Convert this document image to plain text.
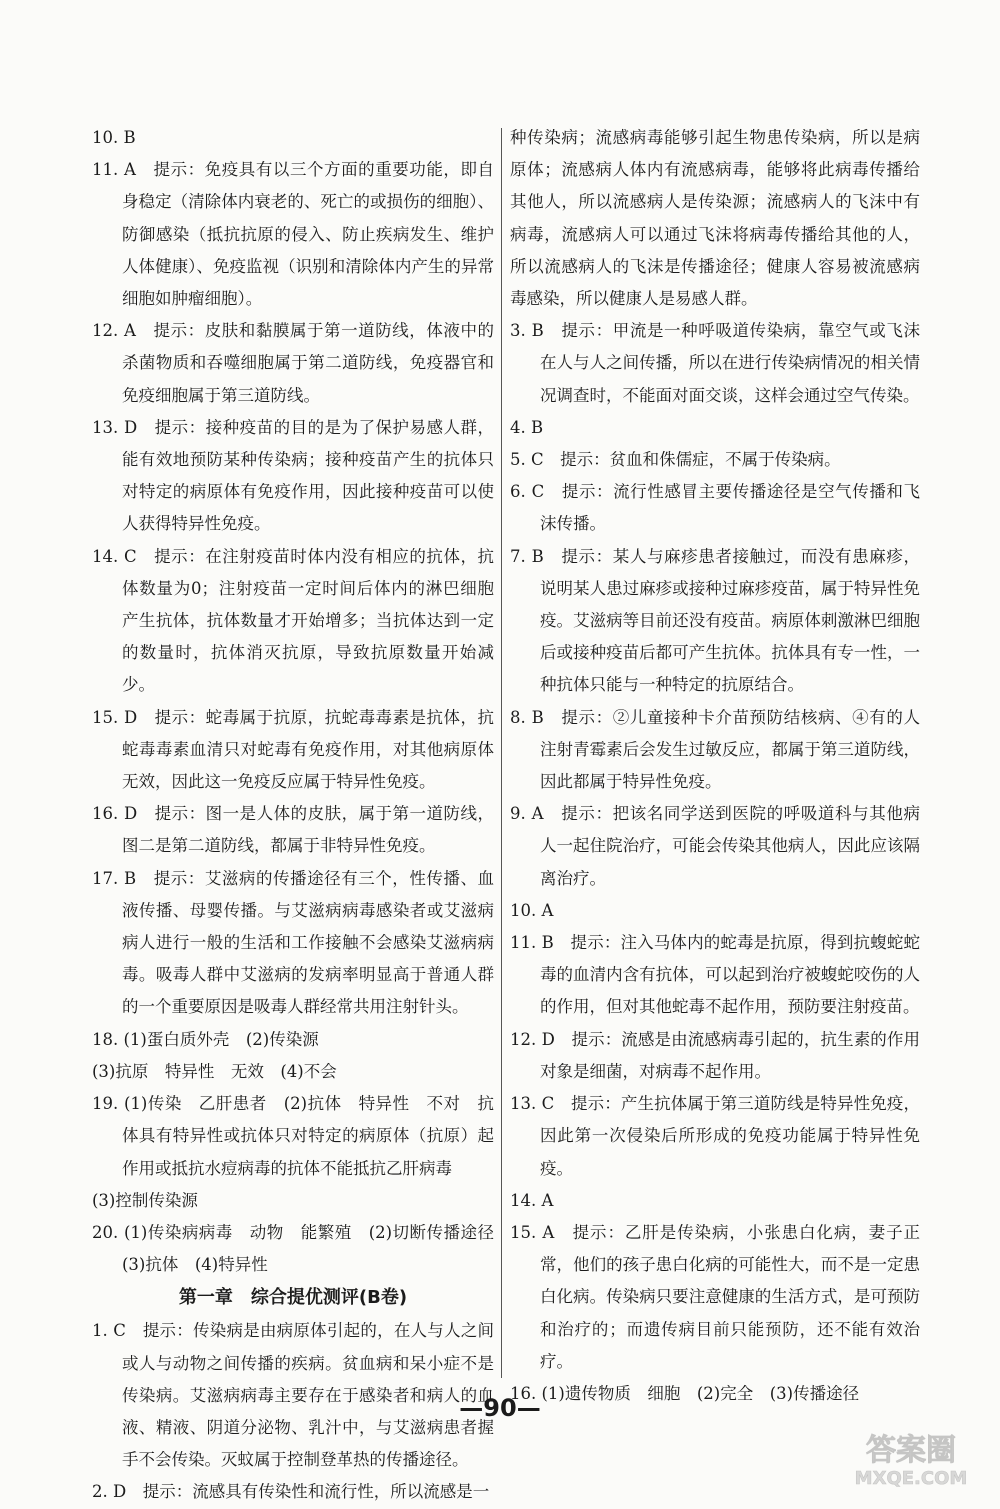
10. B

11. A　提示：免疫具有以三个方面的重要功能，即自身稳定（清除体内衰老的、死亡的或损伤的细胞）、防御感染（抵抗抗原的侵入、防止疾病发生、维护人体健康）、免疫监视（识别和清除体内产生的异常细胞如肿瘤细胞）。

12. A　提示：皮肤和黏膜属于第一道防线，体液中的杀菌物质和吞噬细胞属于第二道防线，免疫器官和免疫细胞属于第三道防线。

13. D　提示：接种疫苗的目的是为了保护易感人群，能有效地预防某种传染病；接种疫苗产生的抗体只对特定的病原体有免疫作用，因此接种疫苗可以使人获得特异性免疫。

14. C　提示：在注射疫苗时体内没有相应的抗体，抗体数量为0；注射疫苗一定时间后体内的淋巴细胞产生抗体，抗体数量才开始增多；当抗体达到一定的数量时，抗体消灭抗原，导致抗原数量开始减少。

15. D　提示：蛇毒属于抗原，抗蛇毒毒素是抗体，抗蛇毒毒素血清只对蛇毒有免疫作用，对其他病原体无效，因此这一免疫反应属于特异性免疫。

16. D　提示：图一是人体的皮肤，属于第一道防线，图二是第二道防线，都属于非特异性免疫。

17. B　提示：艾滋病的传播途径有三个，性传播、血液传播、母婴传播。与艾滋病病毒感染者或艾滋病病人进行一般的生活和工作接触不会感染艾滋病病毒。吸毒人群中艾滋病的发病率明显高于普通人群的一个重要原因是吸毒人群经常共用注射针头。

18. (1)蛋白质外壳　(2)传染源

(3)抗原　特异性　无效　(4)不会

19. (1)传染　乙肝患者　(2)抗体　特异性　不对　抗体具有特异性或抗体只对特定的病原体（抗原）起作用或抵抗水痘病毒的抗体不能抵抗乙肝病毒

(3)控制传染源

20. (1)传染病病毒　动物　能繁殖　(2)切断传播途径　(3)抗体　(4)特异性

第一章　综合提优测评(B卷)

1. C　提示：传染病是由病原体引起的，在人与人之间或人与动物之间传播的疾病。贫血病和呆小症不是传染病。艾滋病病毒主要存在于感染者和病人的血液、精液、阴道分泌物、乳汁中，与艾滋病患者握手不会传染。灭蚊属于控制登革热的传播途径。

2. D　提示：流感具有传染性和流行性，所以流感是一

种传染病；流感病毒能够引起生物患传染病，所以是病原体；流感病人体内有流感病毒，能够将此病毒传播给其他人，所以流感病人是传染源；流感病人的飞沫中有病毒，流感病人可以通过飞沫将病毒传播给其他的人，所以流感病人的飞沫是传播途径；健康人容易被流感病毒感染，所以健康人是易感人群。

3. B　提示：甲流是一种呼吸道传染病，靠空气或飞沫在人与人之间传播，所以在进行传染病情况的相关情况调查时，不能面对面交谈，这样会通过空气传染。

4. B

5. C　提示：贫血和侏儒症，不属于传染病。

6. C　提示：流行性感冒主要传播途径是空气传播和飞沫传播。

7. B　提示：某人与麻疹患者接触过，而没有患麻疹，说明某人患过麻疹或接种过麻疹疫苗，属于特异性免疫。艾滋病等目前还没有疫苗。病原体刺激淋巴细胞后或接种疫苗后都可产生抗体。抗体具有专一性，一种抗体只能与一种特定的抗原结合。

8. B　提示：②儿童接种卡介苗预防结核病、④有的人注射青霉素后会发生过敏反应，都属于第三道防线，因此都属于特异性免疫。

9. A　提示：把该名同学送到医院的呼吸道科与其他病人一起住院治疗，可能会传染其他病人，因此应该隔离治疗。

10. A

11. B　提示：注入马体内的蛇毒是抗原，得到抗蝮蛇蛇毒的血清内含有抗体，可以起到治疗被蝮蛇咬伤的人的作用，但对其他蛇毒不起作用，预防要注射疫苗。

12. D　提示：流感是由流感病毒引起的，抗生素的作用对象是细菌，对病毒不起作用。

13. C　提示：产生抗体属于第三道防线是特异性免疫，因此第一次侵染后所形成的免疫功能属于特异性免疫。

14. A

15. A　提示：乙肝是传染病，小张患白化病，妻子正常，他们的孩子患白化病的可能性大，而不是一定患白化病。传染病只要注意健康的生活方式，是可预防和治疗的；而遗传病目前只能预防，还不能有效治疗。

16. (1)遗传物质　细胞　(2)完全　(3)传播途径

—90—
答案圈
MXQE.COM
